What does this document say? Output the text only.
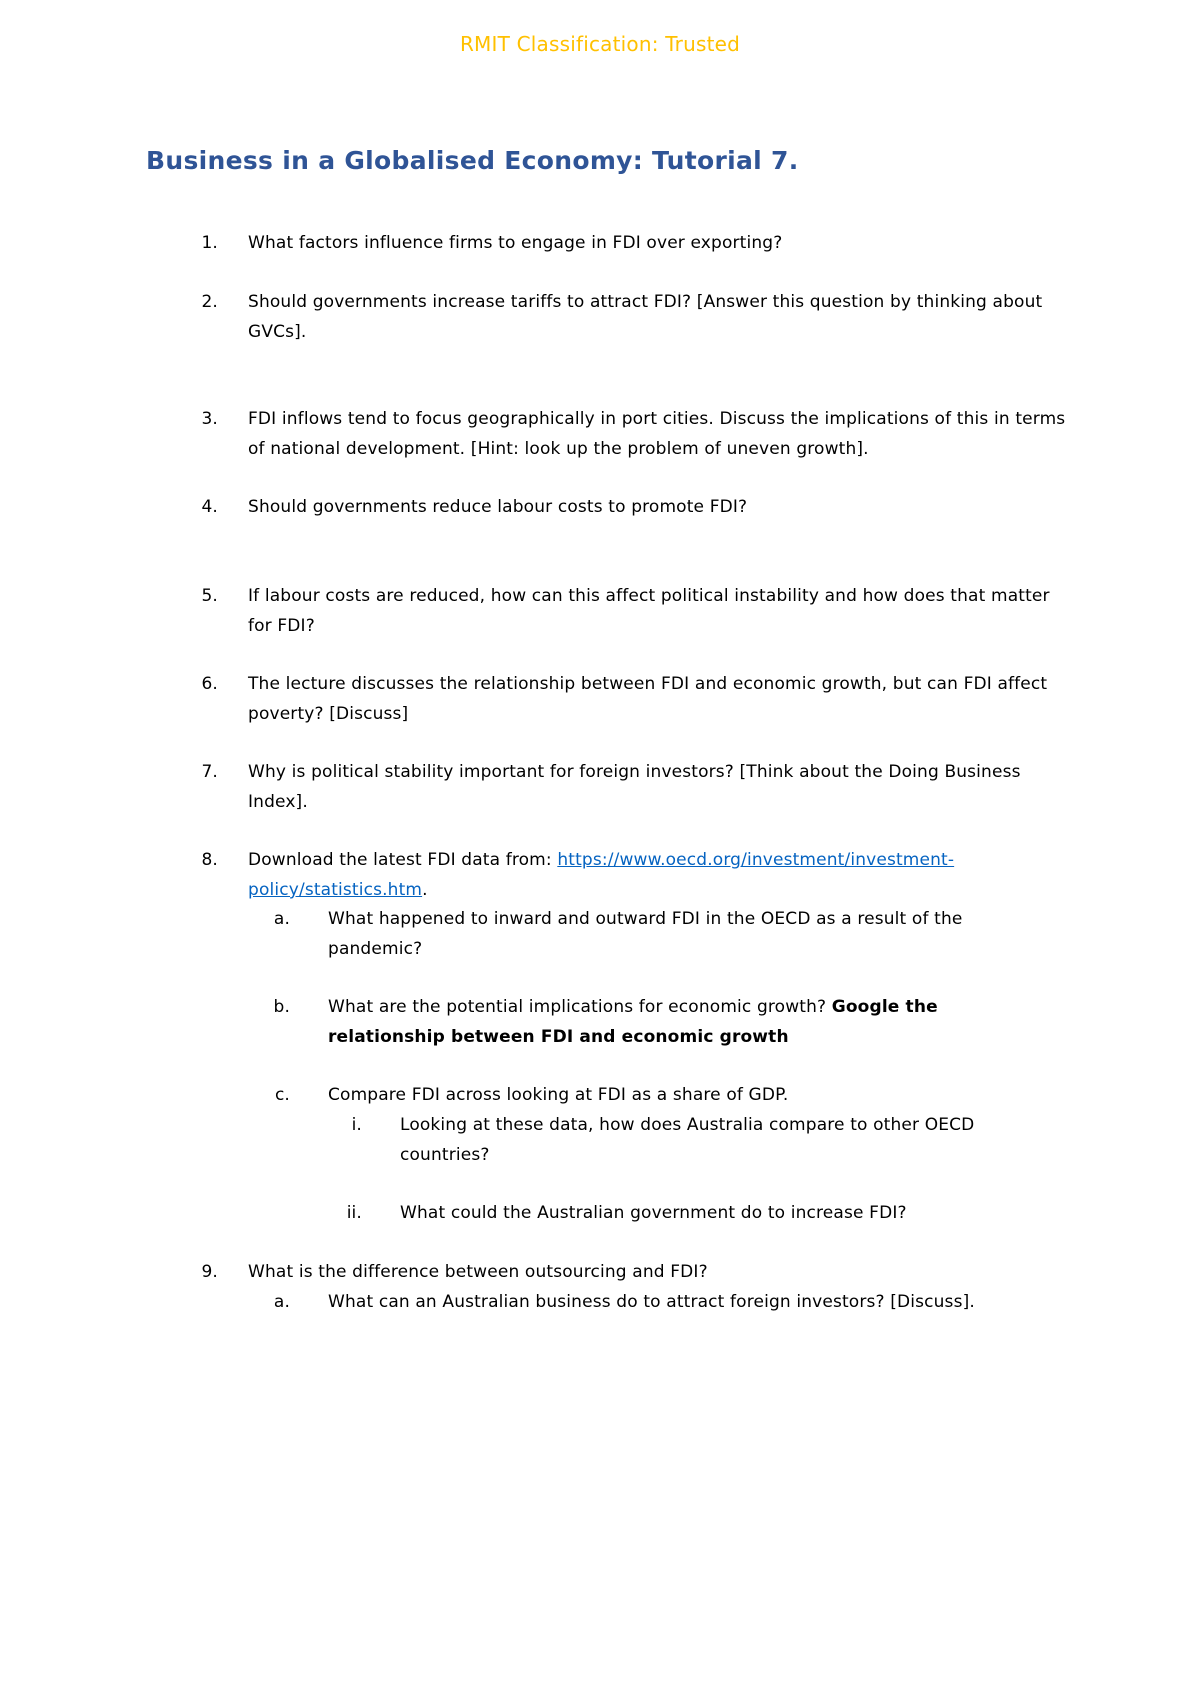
RMIT Classification: Trusted
Business in a Globalised Economy: Tutorial 7.
1. What factors influence firms to engage in FDI over exporting?
2. Should governments increase tariffs to attract FDI? [Answer this question by thinking about GVCs].
3. FDI inflows tend to focus geographically in port cities. Discuss the implications of this in terms of national development. [Hint: look up the problem of uneven growth].
4. Should governments reduce labour costs to promote FDI?
5. If labour costs are reduced, how can this affect political instability and how does that matter for FDI?
6. The lecture discusses the relationship between FDI and economic growth, but can FDI affect poverty? [Discuss]
7. Why is political stability important for foreign investors? [Think about the Doing Business Index].
8. Download the latest FDI data from: https://www.oecd.org/investment/investment-policy/statistics.htm.
a. What happened to inward and outward FDI in the OECD as a result of the pandemic?
b. What are the potential implications for economic growth? Google the relationship between FDI and economic growth
c. Compare FDI across looking at FDI as a share of GDP.
i. Looking at these data, how does Australia compare to other OECD countries?
ii. What could the Australian government do to increase FDI?
9. What is the difference between outsourcing and FDI?
a. What can an Australian business do to attract foreign investors? [Discuss].
